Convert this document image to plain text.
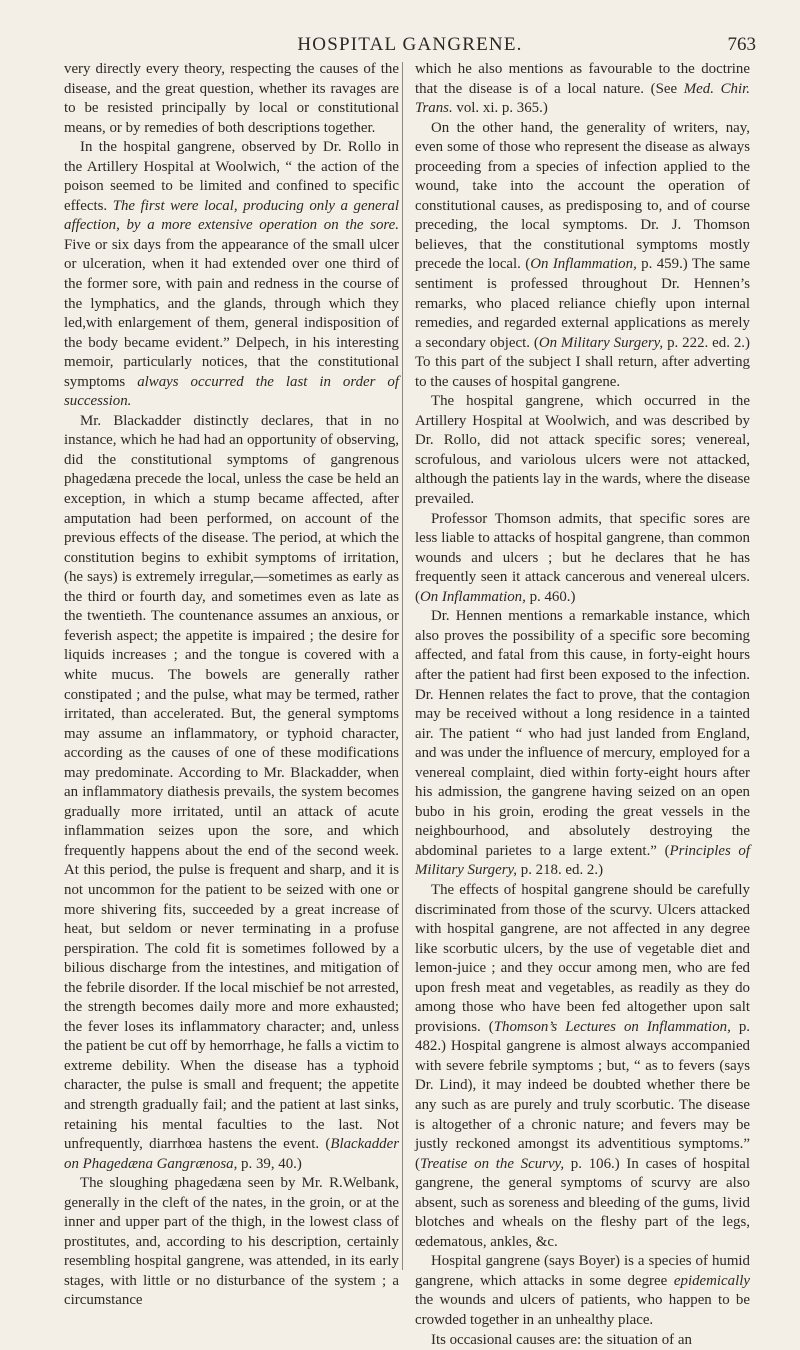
HOSPITAL GANGRENE.	763

very directly every theory, respecting the causes of the disease, and the great question, whether its ravages are to be resisted principally by local or constitutional means, or by remedies of both descriptions together.

In the hospital gangrene, observed by Dr. Rollo in the Artillery Hospital at Woolwich, “ the action of the poison seemed to be limited and confined to specific effects. The first were local, producing only a general affection, by a more extensive operation on the sore. Five or six days from the appearance of the small ulcer or ulceration, when it had extended over one third of the former sore, with pain and redness in the course of the lymphatics, and the glands, through which they led,with enlargement of them, general indisposition of the body became evident.” Delpech, in his interesting memoir, particularly notices, that the constitutional symptoms always occurred the last in order of succession.

Mr. Blackadder distinctly declares, that in no instance, which he had had an opportunity of observing, did the constitutional symptoms of gangrenous phagedæna precede the local, unless the case be held an exception, in which a stump became affected, after amputation had been performed, on account of the previous effects of the disease. The period, at which the constitution begins to exhibit symptoms of irritation, (he says) is extremely irregular,—sometimes as early as the third or fourth day, and sometimes even as late as the twentieth. The countenance assumes an anxious, or feverish aspect; the appetite is impaired ; the desire for liquids increases ; and the tongue is covered with a white mucus. The bowels are generally rather constipated ; and the pulse, what may be termed, rather irritated, than accelerated. But, the general symptoms may assume an inflammatory, or typhoid character, according as the causes of one of these modifications may predominate. According to Mr. Blackadder, when an inflammatory diathesis prevails, the system becomes gradually more irritated, until an attack of acute inflammation seizes upon the sore, and which frequently happens about the end of the second week. At this period, the pulse is frequent and sharp, and it is not uncommon for the patient to be seized with one or more shivering fits, succeeded by a great increase of heat, but seldom or never terminating in a profuse perspiration. The cold fit is sometimes followed by a bilious discharge from the intestines, and mitigation of the febrile disorder. If the local mischief be not arrested, the strength becomes daily more and more exhausted; the fever loses its inflammatory character; and, unless the patient be cut off by hemorrhage, he falls a victim to extreme debility. When the disease has a typhoid character, the pulse is small and frequent; the appetite and strength gradually fail; and the patient at last sinks, retaining his mental faculties to the last. Not unfrequently, diarrhœa hastens the event. (Blackadder on Phagedæna Gangrænosa, p. 39, 40.)

The sloughing phagedæna seen by Mr. R.Welbank, generally in the cleft of the nates, in the groin, or at the inner and upper part of the thigh, in the lowest class of prostitutes, and, according to his description, certainly resembling hospital gangrene, was attended, in its early stages, with little or no disturbance of the system ; a circumstance

which he also mentions as favourable to the doctrine that the disease is of a local nature. (See Med. Chir. Trans. vol. xi. p. 365.)

On the other hand, the generality of writers, nay, even some of those who represent the disease as always proceeding from a species of infection applied to the wound, take into the account the operation of constitutional causes, as predisposing to, and of course preceding, the local symptoms. Dr. J. Thomson believes, that the constitutional symptoms mostly precede the local. (On Inflammation, p. 459.) The same sentiment is professed throughout Dr. Hennen’s remarks, who placed reliance chiefly upon internal remedies, and regarded external applications as merely a secondary object. (On Military Surgery, p. 222. ed. 2.) To this part of the subject I shall return, after adverting to the causes of hospital gangrene.

The hospital gangrene, which occurred in the Artillery Hospital at Woolwich, and was described by Dr. Rollo, did not attack specific sores; venereal, scrofulous, and variolous ulcers were not attacked, although the patients lay in the wards, where the disease prevailed.

Professor Thomson admits, that specific sores are less liable to attacks of hospital gangrene, than common wounds and ulcers ; but he declares that he has frequently seen it attack cancerous and venereal ulcers. (On Inflammation, p. 460.)

Dr. Hennen mentions a remarkable instance, which also proves the possibility of a specific sore becoming affected, and fatal from this cause, in forty-eight hours after the patient had first been exposed to the infection. Dr. Hennen relates the fact to prove, that the contagion may be received without a long residence in a tainted air. The patient “ who had just landed from England, and was under the influence of mercury, employed for a venereal complaint, died within forty-eight hours after his admission, the gangrene having seized on an open bubo in his groin, eroding the great vessels in the neighbourhood, and absolutely destroying the abdominal parietes to a large extent.” (Principles of Military Surgery, p. 218. ed. 2.)

The effects of hospital gangrene should be carefully discriminated from those of the scurvy. Ulcers attacked with hospital gangrene, are not affected in any degree like scorbutic ulcers, by the use of vegetable diet and lemon-juice ; and they occur among men, who are fed upon fresh meat and vegetables, as readily as they do among those who have been fed altogether upon salt provisions. (Thomson’s Lectures on Inflammation, p. 482.) Hospital gangrene is almost always accompanied with severe febrile symptoms ; but, “ as to fevers (says Dr. Lind), it may indeed be doubted whether there be any such as are purely and truly scorbutic. The disease is altogether of a chronic nature; and fevers may be justly reckoned amongst its adventitious symptoms.” (Treatise on the Scurvy, p. 106.) In cases of hospital gangrene, the general symptoms of scurvy are also absent, such as soreness and bleeding of the gums, livid blotches and wheals on the fleshy part of the legs, œdematous, ankles, &c.

Hospital gangrene (says Boyer) is a species of humid gangrene, which attacks in some degree epidemically the wounds and ulcers of patients, who happen to be crowded together in an unhealthy place.

Its occasional causes are: the situation of an
